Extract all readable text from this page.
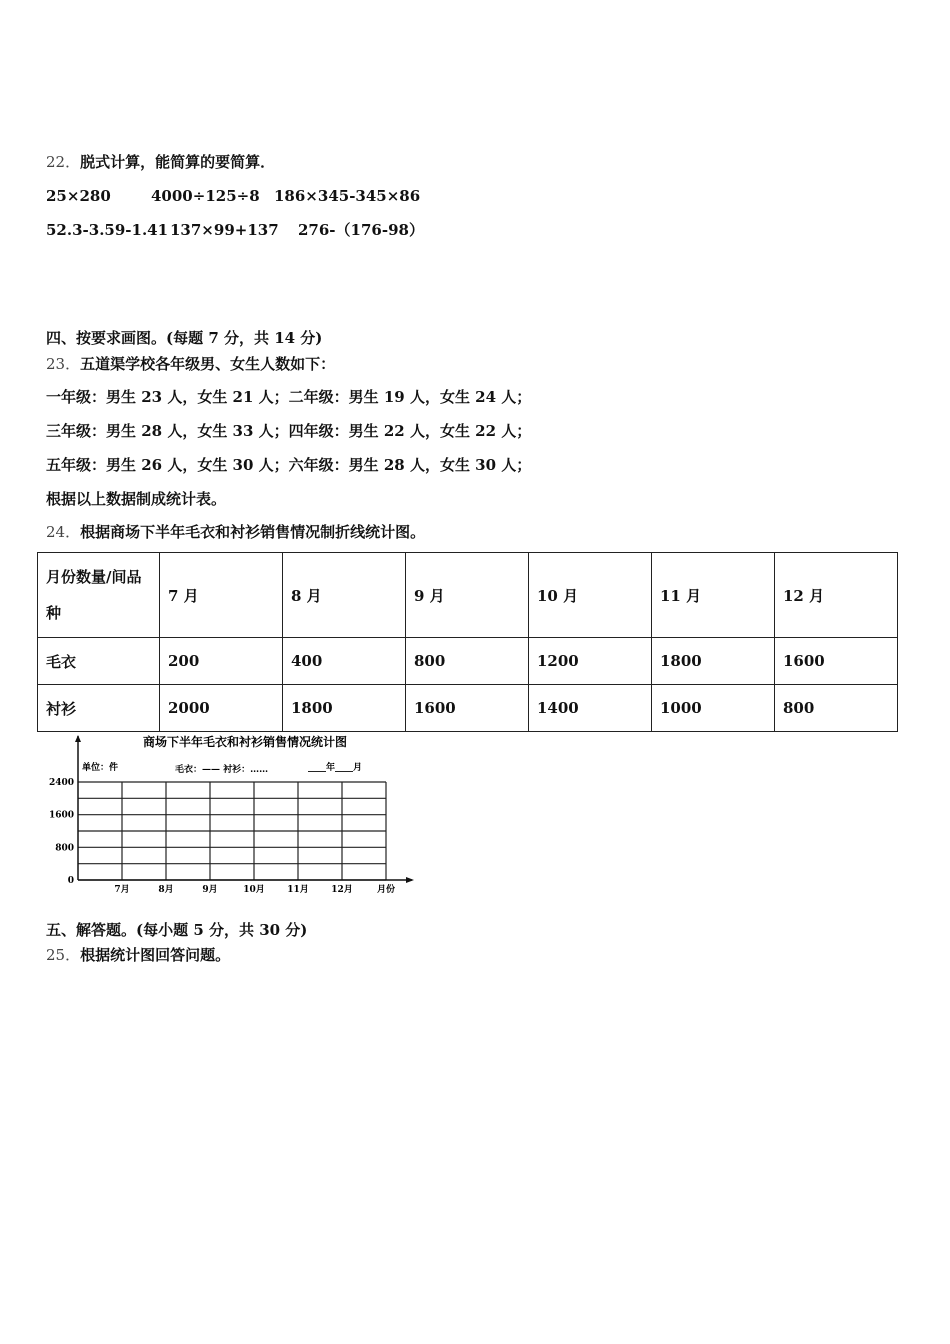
22．脱式计算，能简算的要简算．
25×280	4000÷125÷8 186×345-345×86
52.3-3.59-1.41 137×99+137 276-（176-98）
四、按要求画图。(每题 7 分，共 14 分)
23．五道渠学校各年级男、女生人数如下：
一年级：男生 23 人，女生 21 人；二年级：男生 19 人，女生 24 人；
三年级：男生 28 人，女生 33 人；四年级：男生 22 人，女生 22 人；
五年级：男生 26 人，女生 30 人；六年级：男生 28 人，女生 30 人；
根据以上数据制成统计表。
24．根据商场下半年毛衣和衬衫销售情况制折线统计图。
月份数量/间品种	7 月	8 月	9 月	10 月	11 月	12 月
毛衣	200	400	800	1200	1800	1600
衬衫	2000	1800	1600	1400	1000	800
商场下半年毛衣和衬衫销售情况统计图
单位：件	毛衣：—— 衬衫：……	____年____月
0
800
1600
2400
7月	8月	9月	10月 11月 12月	月份
五、解答题。(每小题 5 分，共 30 分)
25．根据统计图回答问题。
